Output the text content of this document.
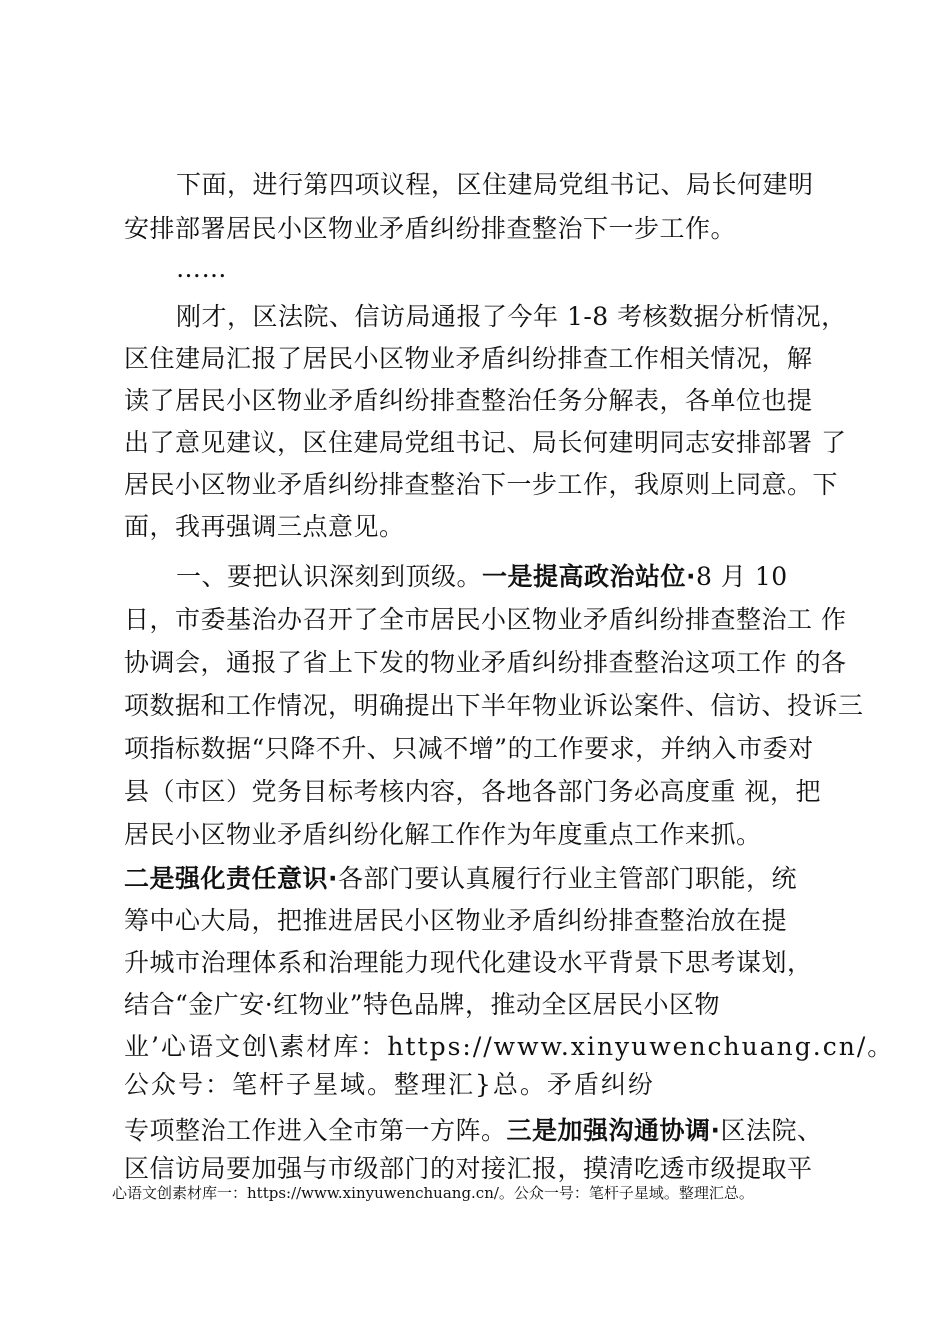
下面，进行第四项议程，区住建局党组书记、局长何建明
安排部署居民小区物业矛盾纠纷排查整治下一步工作。
……
刚才，区法院、信访局通报了今年 1-8 考核数据分析情况，
区住建局汇报了居民小区物业矛盾纠纷排查工作相关情况，解
读了居民小区物业矛盾纠纷排查整治任务分解表，各单位也提
出了意见建议，区住建局党组书记、局长何建明同志安排部署 了
居民小区物业矛盾纠纷排查整治下一步工作，我原则上同意。下
面，我再强调三点意见。
一、要把认识深刻到顶级。一是提高政治站位·8 月 10
日，市委基治办召开了全市居民小区物业矛盾纠纷排查整治工 作
协调会，通报了省上下发的物业矛盾纠纷排查整治这项工作 的各
项数据和工作情况，明确提出下半年物业诉讼案件、信访、投诉三
项指标数据“只降不升、只减不增”的工作要求，并纳入市委对
县（市区）党务目标考核内容，各地各部门务必高度重 视，把
居民小区物业矛盾纠纷化解工作作为年度重点工作来抓。
二是强化责任意识·各部门要认真履行行业主管部门职能，统
筹中心大局，把推进居民小区物业矛盾纠纷排查整治放在提
升城市治理体系和治理能力现代化建设水平背景下思考谋划，
结合“金广安·红物业”特色品牌，推动全区居民小区物
业’心语文创\素材库：https://www.xinyuwenchuang.cn/。
公众号：笔杆子星域。整理汇}总。矛盾纠纷
专项整治工作进入全市第一方阵。三是加强沟通协调·区法院、
区信访局要加强与市级部门的对接汇报，摸清吃透市级提取平
心语文创素材库一：https://www.xinyuwenchuang.cn/。公众一号：笔杆子星域。整理汇总。
